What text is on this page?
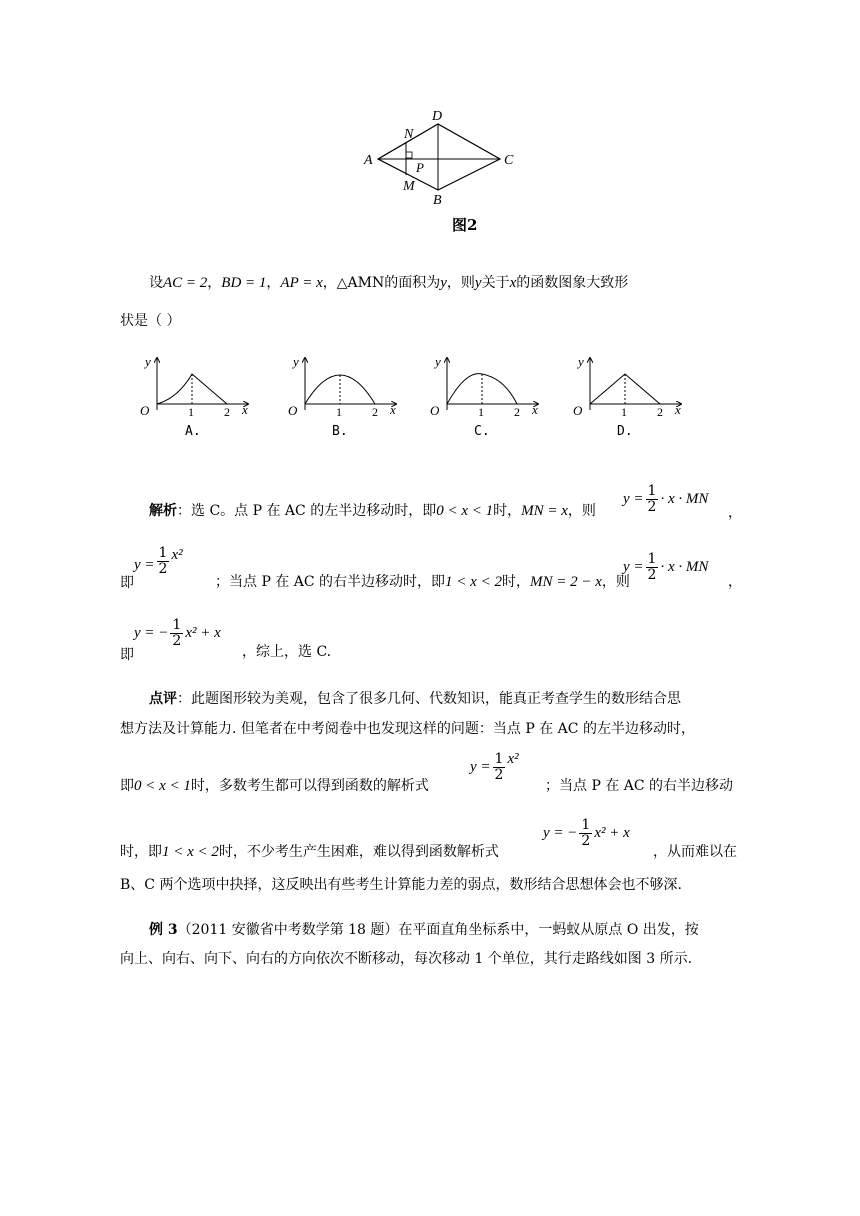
A
D
C
B
N
M
P
图2
设AC = 2，BD = 1，AP = x，△AMN的面积为y，则y关于x的函数图象大致形
状是（ ）
y
O	1	2 x
y
O	1	2 x
y
O	1	2 x
y
O	1	2 x
A.	B.	C.	D.
解析：选 C。点 P 在 AC 的左半边移动时，即0 < x < 1时，MN = x，则
$y = \frac{1}{2} \cdot x$ · MN
，
即$y = \frac{1}{2} x^2$
；当点 P 在 AC 的右半边移动时，即1 < x < 2时，MN = 2 − x，则
$y = \frac{1}{2} \cdot x$ · MN
，
即y = − $\frac{1}{2} x^2 + x$
，综上，选 C.
点评：此题图形较为美观，包含了很多几何、代数知识，能真正考查学生的数形结合思
想方法及计算能力. 但笔者在中考阅卷中也发现这样的问题：当点 P 在 AC 的左半边移动时，
即0 < x < 1时，多数考生都可以得到函数的解析式
$y = \frac{1}{2} x^2$
；当点 P 在 AC 的右半边移动
时，即1 < x < 2时，不少考生产生困难，难以得到函数解析式
y = − $\frac{1}{2} x^2 + x$
，从而难以在
B、C 两个选项中抉择，这反映出有些考生计算能力差的弱点，数形结合思想体会也不够深.
例 3（2011 安徽省中考数学第 18 题）在平面直角坐标系中，一蚂蚁从原点 O 出发，按
向上、向右、向下、向右的方向依次不断移动，每次移动 1 个单位，其行走路线如图 3 所示.
